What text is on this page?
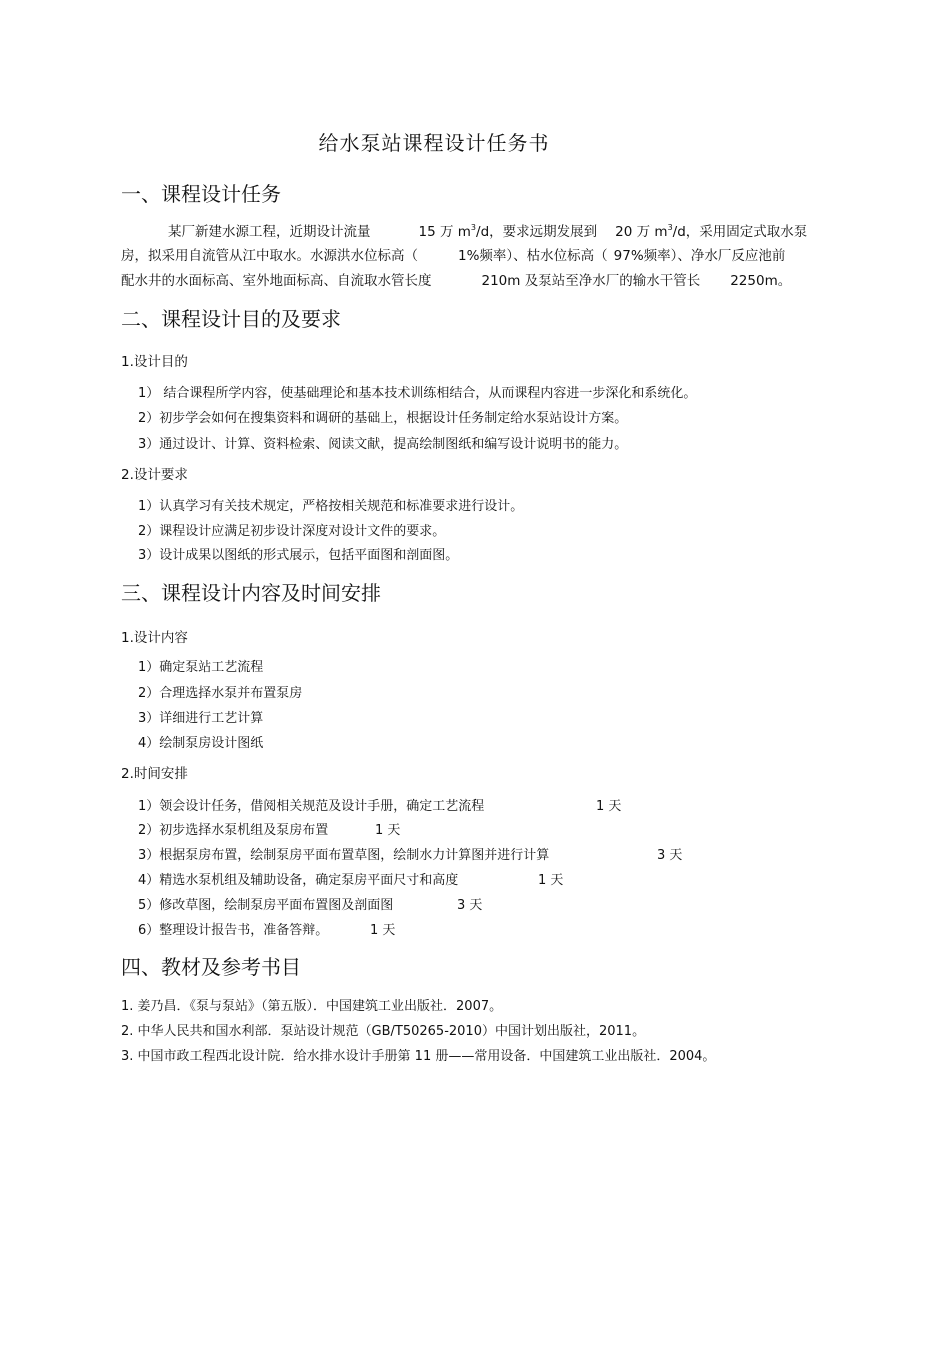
给水泵站课程设计任务书
一、课程设计任务
某厂新建水源工程，近期设计流量	15 万 $m^3/d$，要求远期发展到 20 万 $m^3/d$，采用固定式取水泵
房，拟采用自流管从江中取水。水源洪水位标高（	1%频率）、枯水位标高（ 97%频率）、净水厂反应池前
配水井的水面标高、室外地面标高、自流取水管长度	210m 及泵站至净水厂的输水干管长 2250m。
二、课程设计目的及要求
1.设计目的
1） 结合课程所学内容，使基础理论和基本技术训练相结合，从而课程内容进一步深化和系统化。
2）初步学会如何在搜集资料和调研的基础上，根据设计任务制定给水泵站设计方案。
3）通过设计、计算、资料检索、阅读文献，提高绘制图纸和编写设计说明书的能力。
2.设计要求
1）认真学习有关技术规定，严格按相关规范和标准要求进行设计。
2）课程设计应满足初步设计深度对设计文件的要求。
3）设计成果以图纸的形式展示，包括平面图和剖面图。
三、课程设计内容及时间安排
1.设计内容
1）确定泵站工艺流程
2）合理选择水泵并布置泵房
3）详细进行工艺计算
4）绘制泵房设计图纸
2.时间安排
1）领会设计任务，借阅相关规范及设计手册，确定工艺流程	1 天
2）初步选择水泵机组及泵房布置	1 天
3）根据泵房布置，绘制泵房平面布置草图，绘制水力计算图并进行计算	3 天
4）精选水泵机组及辅助设备，确定泵房平面尺寸和高度	1 天
5）修改草图，绘制泵房平面布置图及剖面图	3 天
6）整理设计报告书，准备答辩。	1 天
四、教材及参考书目
1. 姜乃昌．《泵与泵站》（第五版）．中国建筑工业出版社．2007。
2. 中华人民共和国水利部．泵站设计规范（GB/T50265-2010）中国计划出版社，2011。
3. 中国市政工程西北设计院．给水排水设计手册第 11 册——常用设备．中国建筑工业出版社．2004。
